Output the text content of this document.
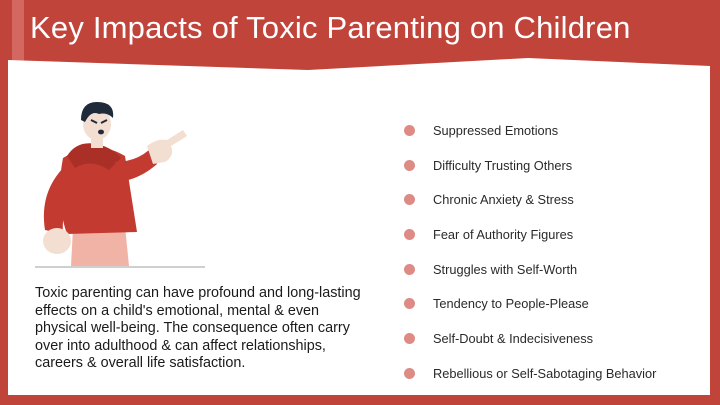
Key Impacts of Toxic Parenting on Children

Toxic parenting can have profound and long-lasting effects on a child's emotional, mental & even physical well-being. The consequence often carry over into adulthood & can affect relationships, careers & overall life satisfaction.

Suppressed Emotions
Difficulty Trusting Others
Chronic Anxiety & Stress
Fear of Authority Figures
Struggles with Self-Worth
Tendency to People-Please
Self-Doubt & Indecisiveness
Rebellious or Self-Sabotaging Behavior
